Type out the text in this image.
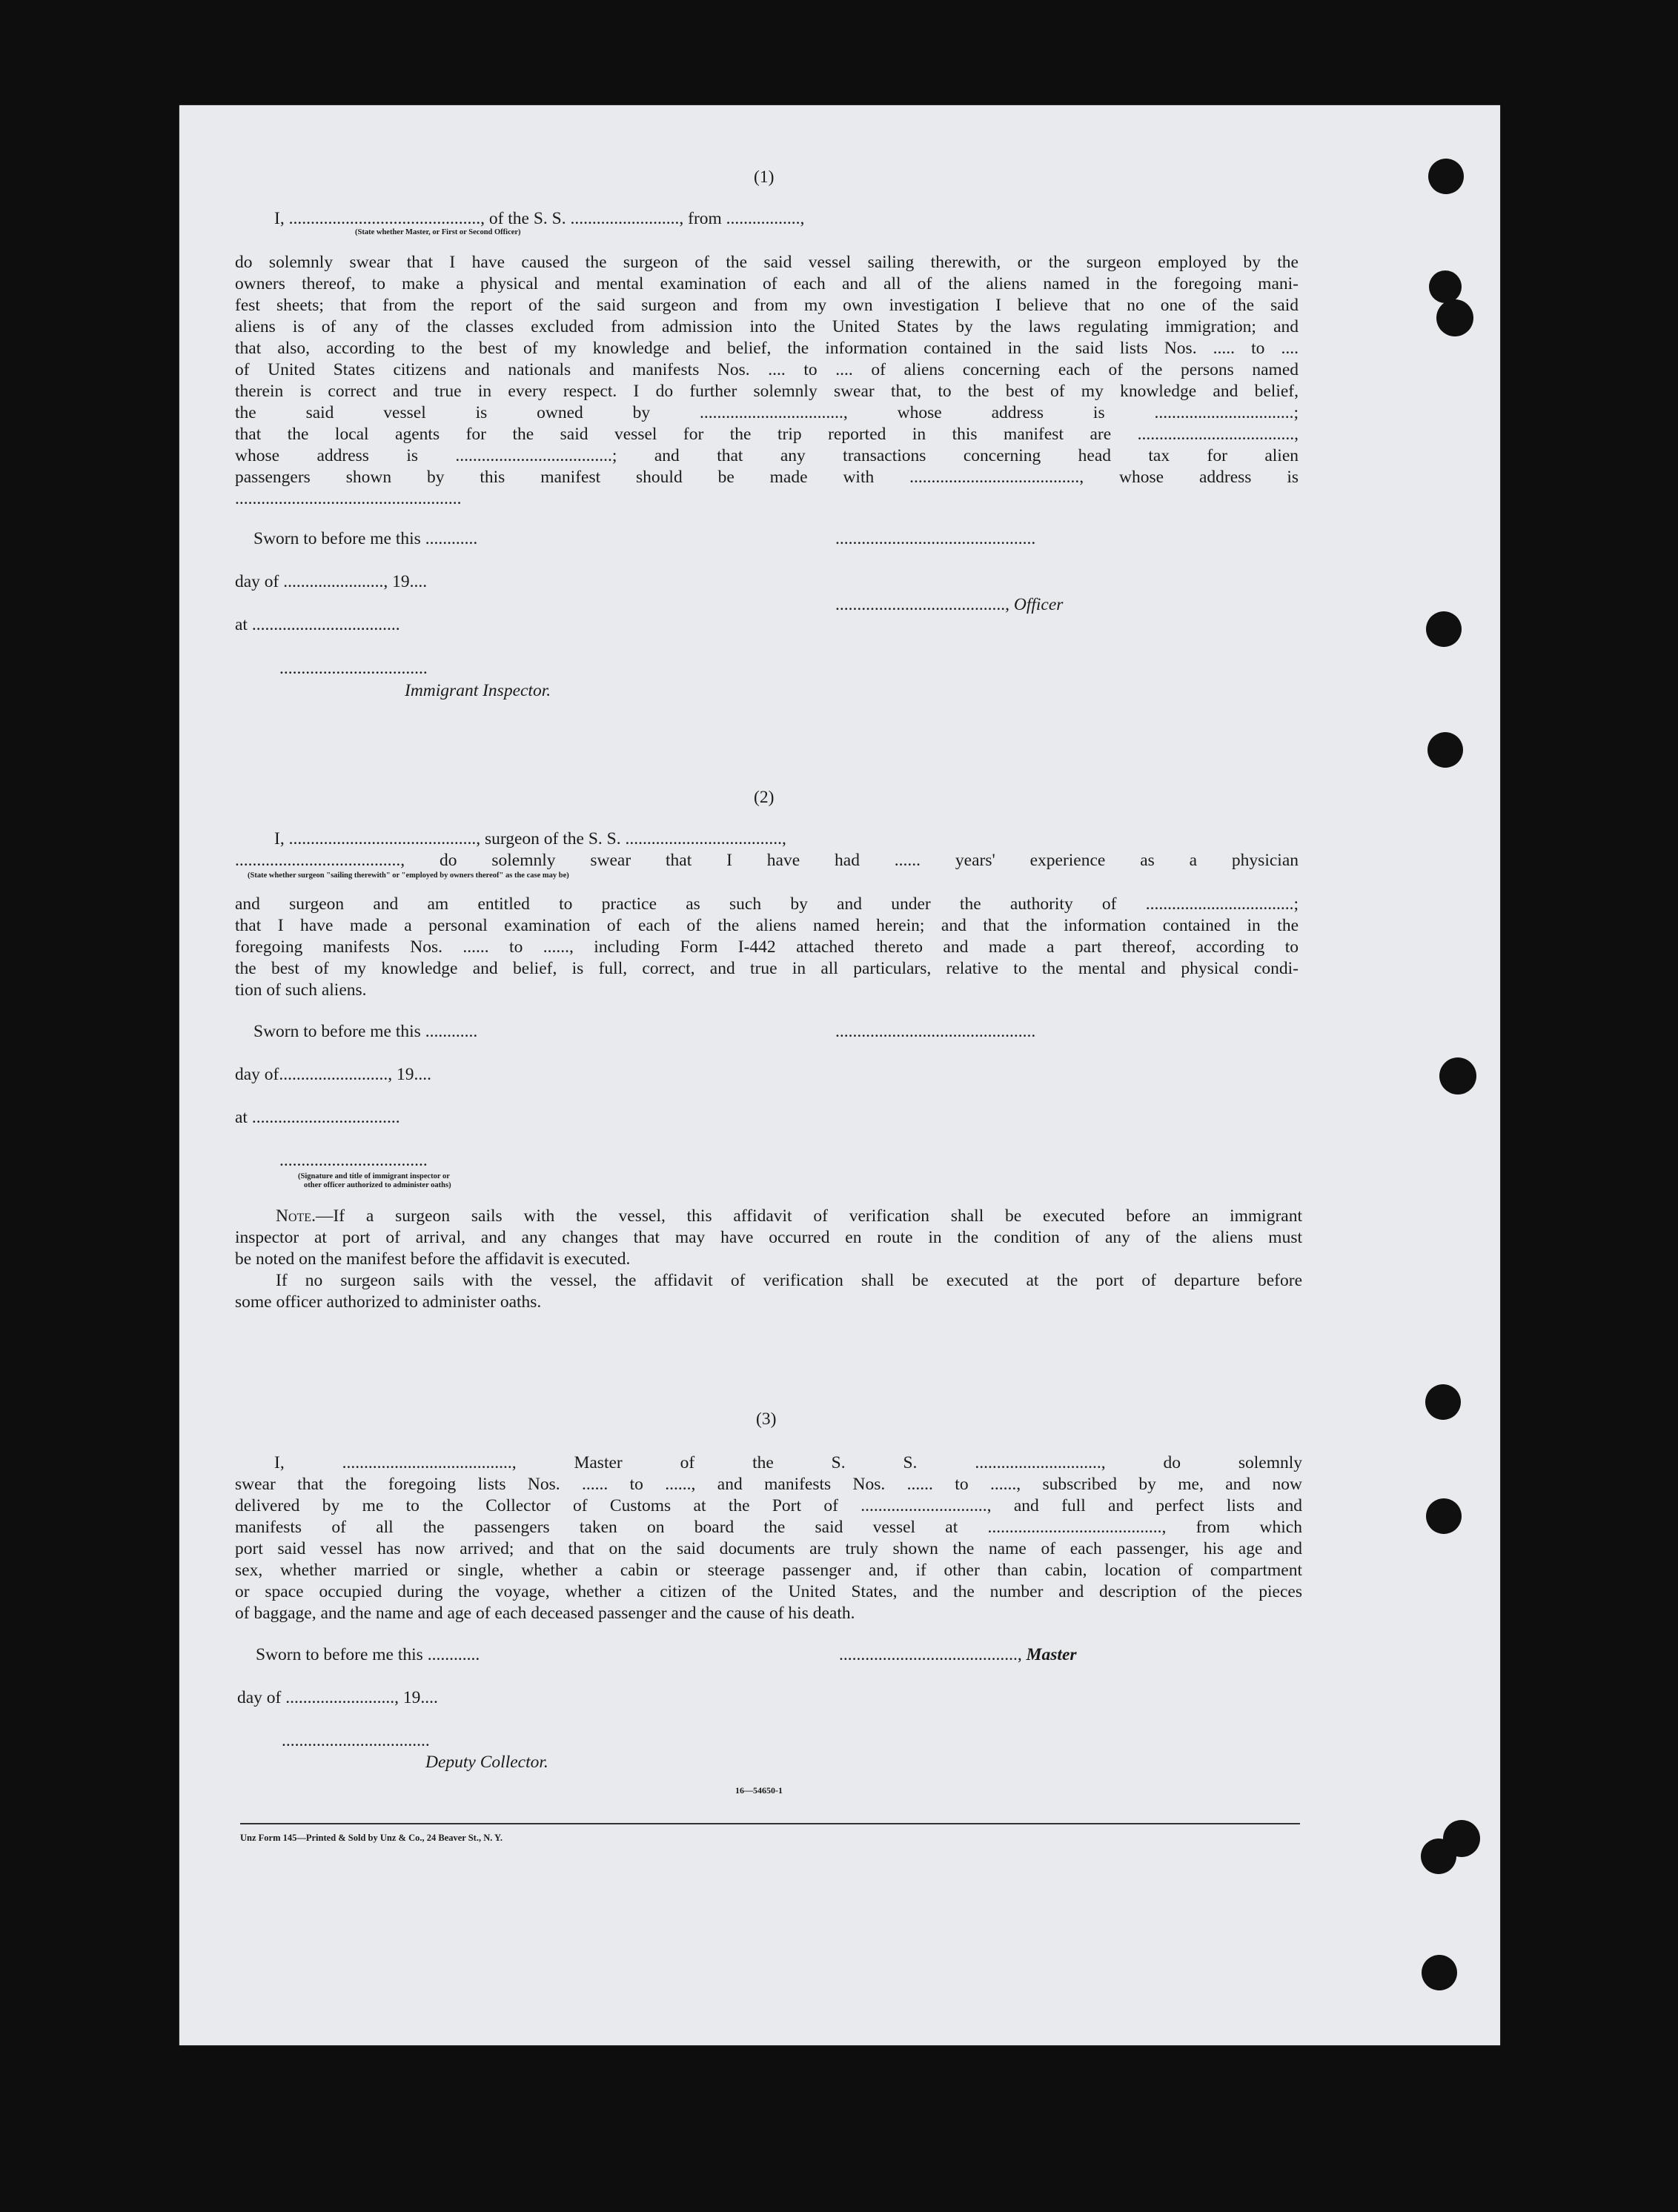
(1)
I, ............................................, of the S. S. ........................., from .................,
(State whether Master, or First or Second Officer)
do solemnly swear that I have caused the surgeon of the said vessel sailing therewith, or the surgeon employed by the
owners thereof, to make a physical and mental examination of each and all of the aliens named in the foregoing mani-
fest sheets; that from the report of the said surgeon and from my own investigation I believe that no one of the said
aliens is of any of the classes excluded from admission into the United States by the laws regulating immigration; and
that also, according to the best of my knowledge and belief, the information contained in the said lists Nos. ..... to ....
of United States citizens and nationals and manifests Nos. .... to .... of aliens concerning each of the persons named
therein is correct and true in every respect. I do further solemnly swear that, to the best of my knowledge and belief,
the said vessel is owned by ................................., whose address is ................................;
that the local agents for the said vessel for the trip reported in this manifest are ....................................,
whose address is ....................................; and that any transactions concerning head tax for alien
passengers shown by this manifest should be made with ......................................., whose address is
....................................................
Sworn to before me this ............	..............................................
day of ......................., 19....
......................................., Officer
at ..................................
..................................
Immigrant Inspector.
(2)
I, ..........................................., surgeon of the S. S. ....................................,
......................................, do solemnly swear that I have had ...... years' experience as a physician
(State whether surgeon "sailing therewith" or "employed by owners thereof" as the case may be)
and surgeon and am entitled to practice as such by and under the authority of ..................................;
that I have made a personal examination of each of the aliens named herein; and that the information contained in the
foregoing manifests Nos. ...... to ......, including Form I-442 attached thereto and made a part thereof, according to
the best of my knowledge and belief, is full, correct, and true in all particulars, relative to the mental and physical condi-
tion of such aliens.
Sworn to before me this ............	..............................................
day of........................., 19....
at ..................................
..................................
(Signature and title of immigrant inspector or
other officer authorized to administer oaths)
Note.—If a surgeon sails with the vessel, this affidavit of verification shall be executed before an immigrant
inspector at port of arrival, and any changes that may have occurred en route in the condition of any of the aliens must
be noted on the manifest before the affidavit is executed.
If no surgeon sails with the vessel, the affidavit of verification shall be executed at the port of departure before
some officer authorized to administer oaths.
(3)
I, ......................................., Master of the S. S. ............................., do solemnly
swear that the foregoing lists Nos. ...... to ......, and manifests Nos. ...... to ......, subscribed by me, and now
delivered by me to the Collector of Customs at the Port of ............................., and full and perfect lists and
manifests of all the passengers taken on board the said vessel at ........................................, from which
port said vessel has now arrived; and that on the said documents are truly shown the name of each passenger, his age and
sex, whether married or single, whether a cabin or steerage passenger and, if other than cabin, location of compartment
or space occupied during the voyage, whether a citizen of the United States, and the number and description of the pieces
of baggage, and the name and age of each deceased passenger and the cause of his death.
Sworn to before me this ............	........................................., Master
day of ........................., 19....
..................................
Deputy Collector.
16—54650-1
Unz Form 145—Printed & Sold by Unz & Co., 24 Beaver St., N. Y.
